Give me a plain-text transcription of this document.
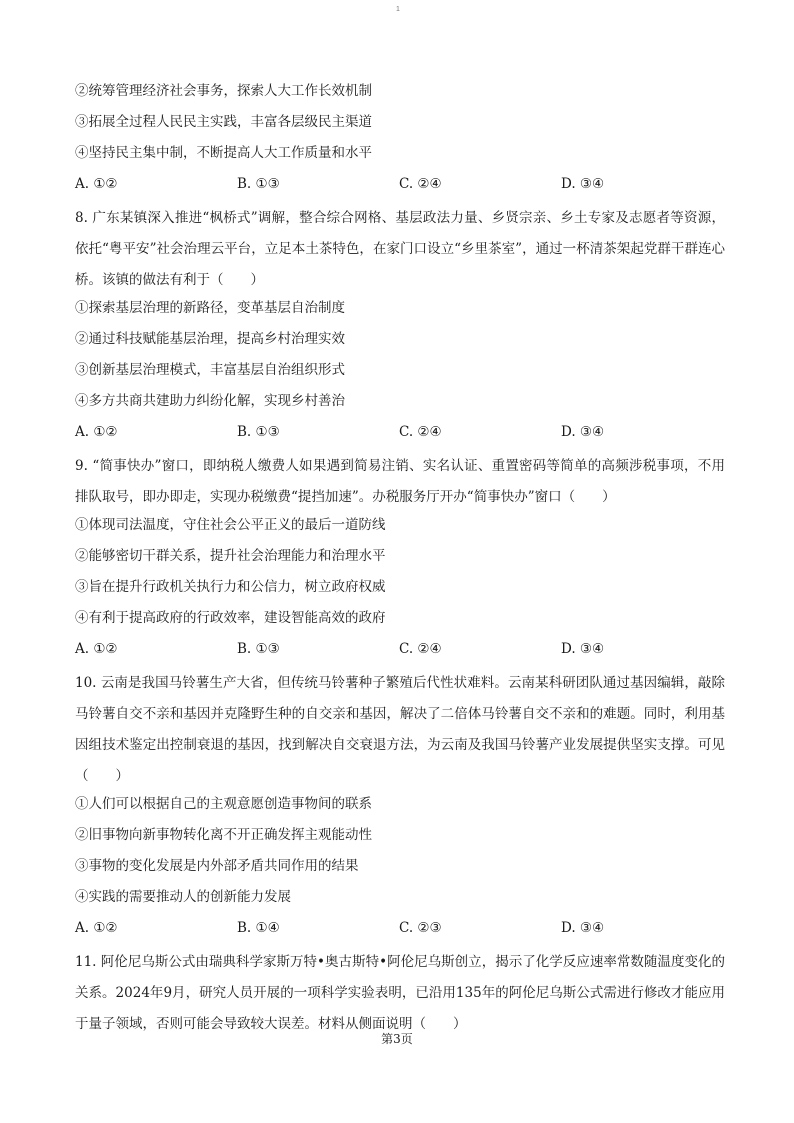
1
②统筹管理经济社会事务，探索人大工作长效机制
③拓展全过程人民民主实践，丰富各层级民主渠道
④坚持民主集中制，不断提高人大工作质量和水平
A. ①②	B. ①③	C. ②④	D. ③④
8. 广东某镇深入推进“枫桥式”调解，整合综合网格、基层政法力量、乡贤宗亲、乡土专家及志愿者等资源，依托“粤平安”社会治理云平台，立足本土茶特色，在家门口设立“乡里茶室”，通过一杯清茶架起党群干群连心桥。该镇的做法有利于（　　）
①探索基层治理的新路径，变革基层自治制度
②通过科技赋能基层治理，提高乡村治理实效
③创新基层治理模式，丰富基层自治组织形式
④多方共商共建助力纠纷化解，实现乡村善治
A. ①②	B. ①③	C. ②④	D. ③④
9. “简事快办”窗口，即纳税人缴费人如果遇到简易注销、实名认证、重置密码等简单的高频涉税事项，不用排队取号，即办即走，实现办税缴费“提挡加速”。办税服务厅开办“简事快办”窗口（　　）
①体现司法温度，守住社会公平正义的最后一道防线
②能够密切干群关系，提升社会治理能力和治理水平
③旨在提升行政机关执行力和公信力，树立政府权威
④有利于提高政府的行政效率，建设智能高效的政府
A. ①②	B. ①③	C. ②④	D. ③④
10. 云南是我国马铃薯生产大省，但传统马铃薯种子繁殖后代性状难料。云南某科研团队通过基因编辑，敲除马铃薯自交不亲和基因并克隆野生种的自交亲和基因，解决了二倍体马铃薯自交不亲和的难题。同时，利用基因组技术鉴定出控制衰退的基因，找到解决自交衰退方法，为云南及我国马铃薯产业发展提供坚实支撑。可见（　　）
①人们可以根据自己的主观意愿创造事物间的联系
②旧事物向新事物转化离不开正确发挥主观能动性
③事物的变化发展是内外部矛盾共同作用的结果
④实践的需要推动人的创新能力发展
A. ①②	B. ①④	C. ②③	D. ③④
11. 阿伦尼乌斯公式由瑞典科学家斯万特•奥古斯特•阿伦尼乌斯创立，揭示了化学反应速率常数随温度变化的关系。2024年9月，研究人员开展的一项科学实验表明，已沿用135年的阿伦尼乌斯公式需进行修改才能应用于量子领域，否则可能会导致较大误差。材料从侧面说明（　　）
第3页
